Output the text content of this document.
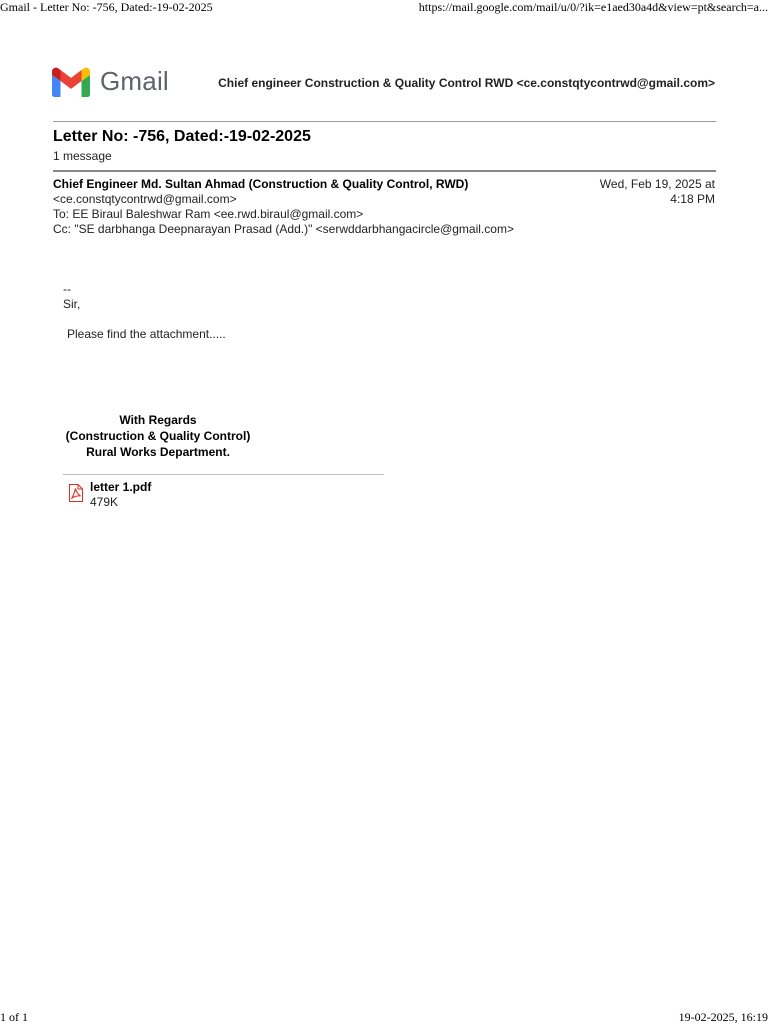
Gmail - Letter No: -756, Dated:-19-02-2025	https://mail.google.com/mail/u/0/?ik=e1aed30a4d&view=pt&search=a...
Gmail	Chief engineer Construction & Quality Control RWD <ce.constqtycontrwd@gmail.com>
Letter No: -756, Dated:-19-02-2025
1 message
Chief Engineer Md. Sultan Ahmad (Construction & Quality Control, RWD)
<ce.constqtycontrwd@gmail.com>
To: EE Biraul Baleshwar Ram <ee.rwd.biraul@gmail.com>
Cc: "SE darbhanga Deepnarayan Prasad (Add.)" <serwddarbhangacircle@gmail.com>
Wed, Feb 19, 2025 at
4:18 PM
--
Sir,
Please find the attachment.....
With Regards
(Construction & Quality Control)
Rural Works Department.
letter 1.pdf
479K
1 of 1	19-02-2025, 16:19
